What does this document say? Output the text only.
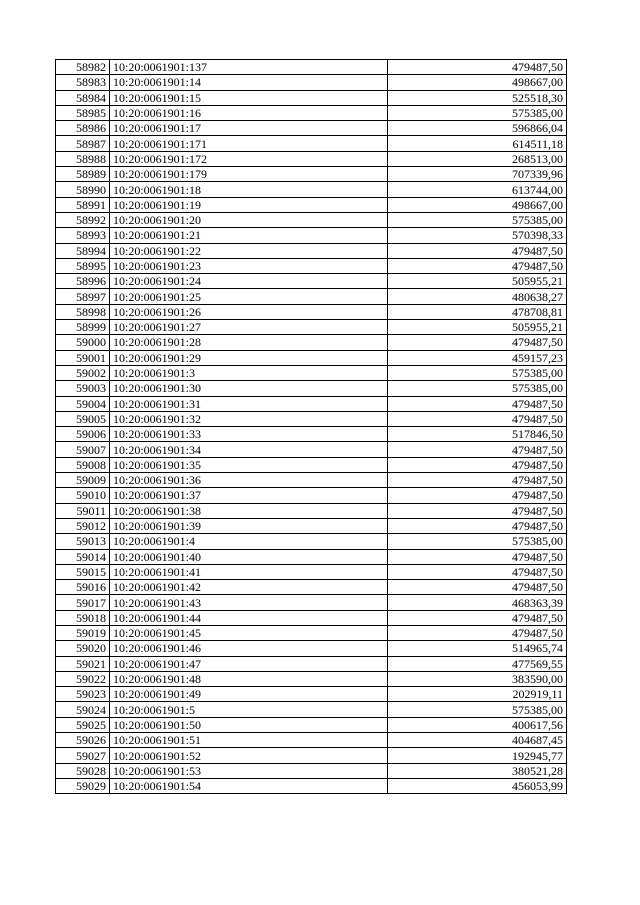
58982	10:20:0061901:137	479487,50
58983	10:20:0061901:14	498667,00
58984	10:20:0061901:15	525518,30
58985	10:20:0061901:16	575385,00
58986	10:20:0061901:17	596866,04
58987	10:20:0061901:171	614511,18
58988	10:20:0061901:172	268513,00
58989	10:20:0061901:179	707339,96
58990	10:20:0061901:18	613744,00
58991	10:20:0061901:19	498667,00
58992	10:20:0061901:20	575385,00
58993	10:20:0061901:21	570398,33
58994	10:20:0061901:22	479487,50
58995	10:20:0061901:23	479487,50
58996	10:20:0061901:24	505955,21
58997	10:20:0061901:25	480638,27
58998	10:20:0061901:26	478708,81
58999	10:20:0061901:27	505955,21
59000	10:20:0061901:28	479487,50
59001	10:20:0061901:29	459157,23
59002	10:20:0061901:3	575385,00
59003	10:20:0061901:30	575385,00
59004	10:20:0061901:31	479487,50
59005	10:20:0061901:32	479487,50
59006	10:20:0061901:33	517846,50
59007	10:20:0061901:34	479487,50
59008	10:20:0061901:35	479487,50
59009	10:20:0061901:36	479487,50
59010	10:20:0061901:37	479487,50
59011	10:20:0061901:38	479487,50
59012	10:20:0061901:39	479487,50
59013	10:20:0061901:4	575385,00
59014	10:20:0061901:40	479487,50
59015	10:20:0061901:41	479487,50
59016	10:20:0061901:42	479487,50
59017	10:20:0061901:43	468363,39
59018	10:20:0061901:44	479487,50
59019	10:20:0061901:45	479487,50
59020	10:20:0061901:46	514965,74
59021	10:20:0061901:47	477569,55
59022	10:20:0061901:48	383590,00
59023	10:20:0061901:49	202919,11
59024	10:20:0061901:5	575385,00
59025	10:20:0061901:50	400617,56
59026	10:20:0061901:51	404687,45
59027	10:20:0061901:52	192945,77
59028	10:20:0061901:53	380521,28
59029	10:20:0061901:54	456053,99
